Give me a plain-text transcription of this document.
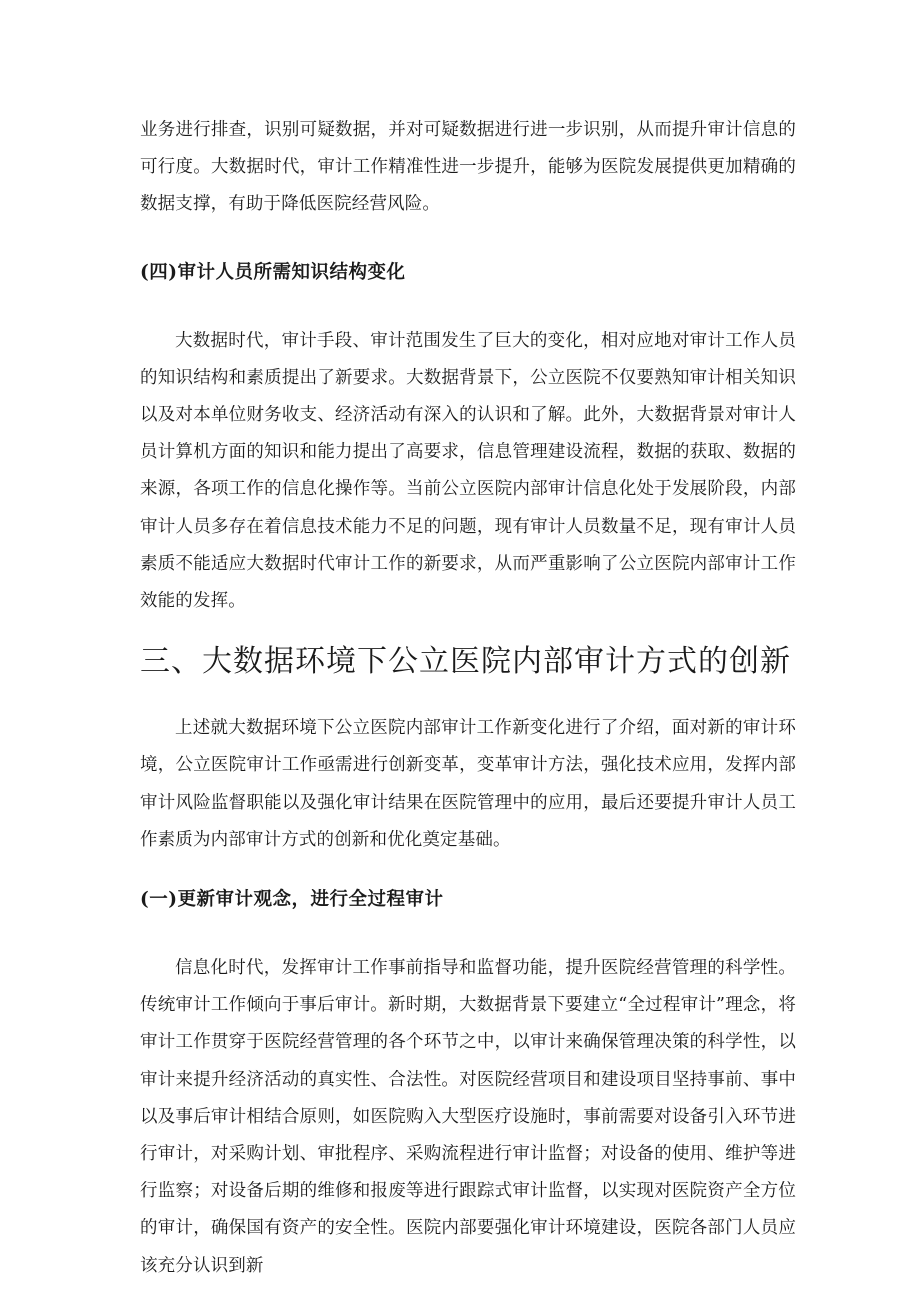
业务进行排查，识别可疑数据，并对可疑数据进行进一步识别，从而提升审计信息的可行度。大数据时代，审计工作精准性进一步提升，能够为医院发展提供更加精确的数据支撑，有助于降低医院经营风险。

(四)审计人员所需知识结构变化

大数据时代，审计手段、审计范围发生了巨大的变化，相对应地对审计工作人员的知识结构和素质提出了新要求。大数据背景下，公立医院不仅要熟知审计相关知识以及对本单位财务收支、经济活动有深入的认识和了解。此外，大数据背景对审计人员计算机方面的知识和能力提出了高要求，信息管理建设流程，数据的获取、数据的来源，各项工作的信息化操作等。当前公立医院内部审计信息化处于发展阶段，内部审计人员多存在着信息技术能力不足的问题，现有审计人员数量不足，现有审计人员素质不能适应大数据时代审计工作的新要求，从而严重影响了公立医院内部审计工作效能的发挥。

三、大数据环境下公立医院内部审计方式的创新

上述就大数据环境下公立医院内部审计工作新变化进行了介绍，面对新的审计环境，公立医院审计工作亟需进行创新变革，变革审计方法，强化技术应用，发挥内部审计风险监督职能以及强化审计结果在医院管理中的应用，最后还要提升审计人员工作素质为内部审计方式的创新和优化奠定基础。

(一)更新审计观念，进行全过程审计

信息化时代，发挥审计工作事前指导和监督功能，提升医院经营管理的科学性。传统审计工作倾向于事后审计。新时期，大数据背景下要建立“全过程审计”理念，将审计工作贯穿于医院经营管理的各个环节之中，以审计来确保管理决策的科学性，以审计来提升经济活动的真实性、合法性。对医院经营项目和建设项目坚持事前、事中以及事后审计相结合原则，如医院购入大型医疗设施时，事前需要对设备引入环节进行审计，对采购计划、审批程序、采购流程进行审计监督；对设备的使用、维护等进行监察；对设备后期的维修和报废等进行跟踪式审计监督，以实现对医院资产全方位的审计，确保国有资产的安全性。医院内部要强化审计环境建设，医院各部门人员应该充分认识到新
